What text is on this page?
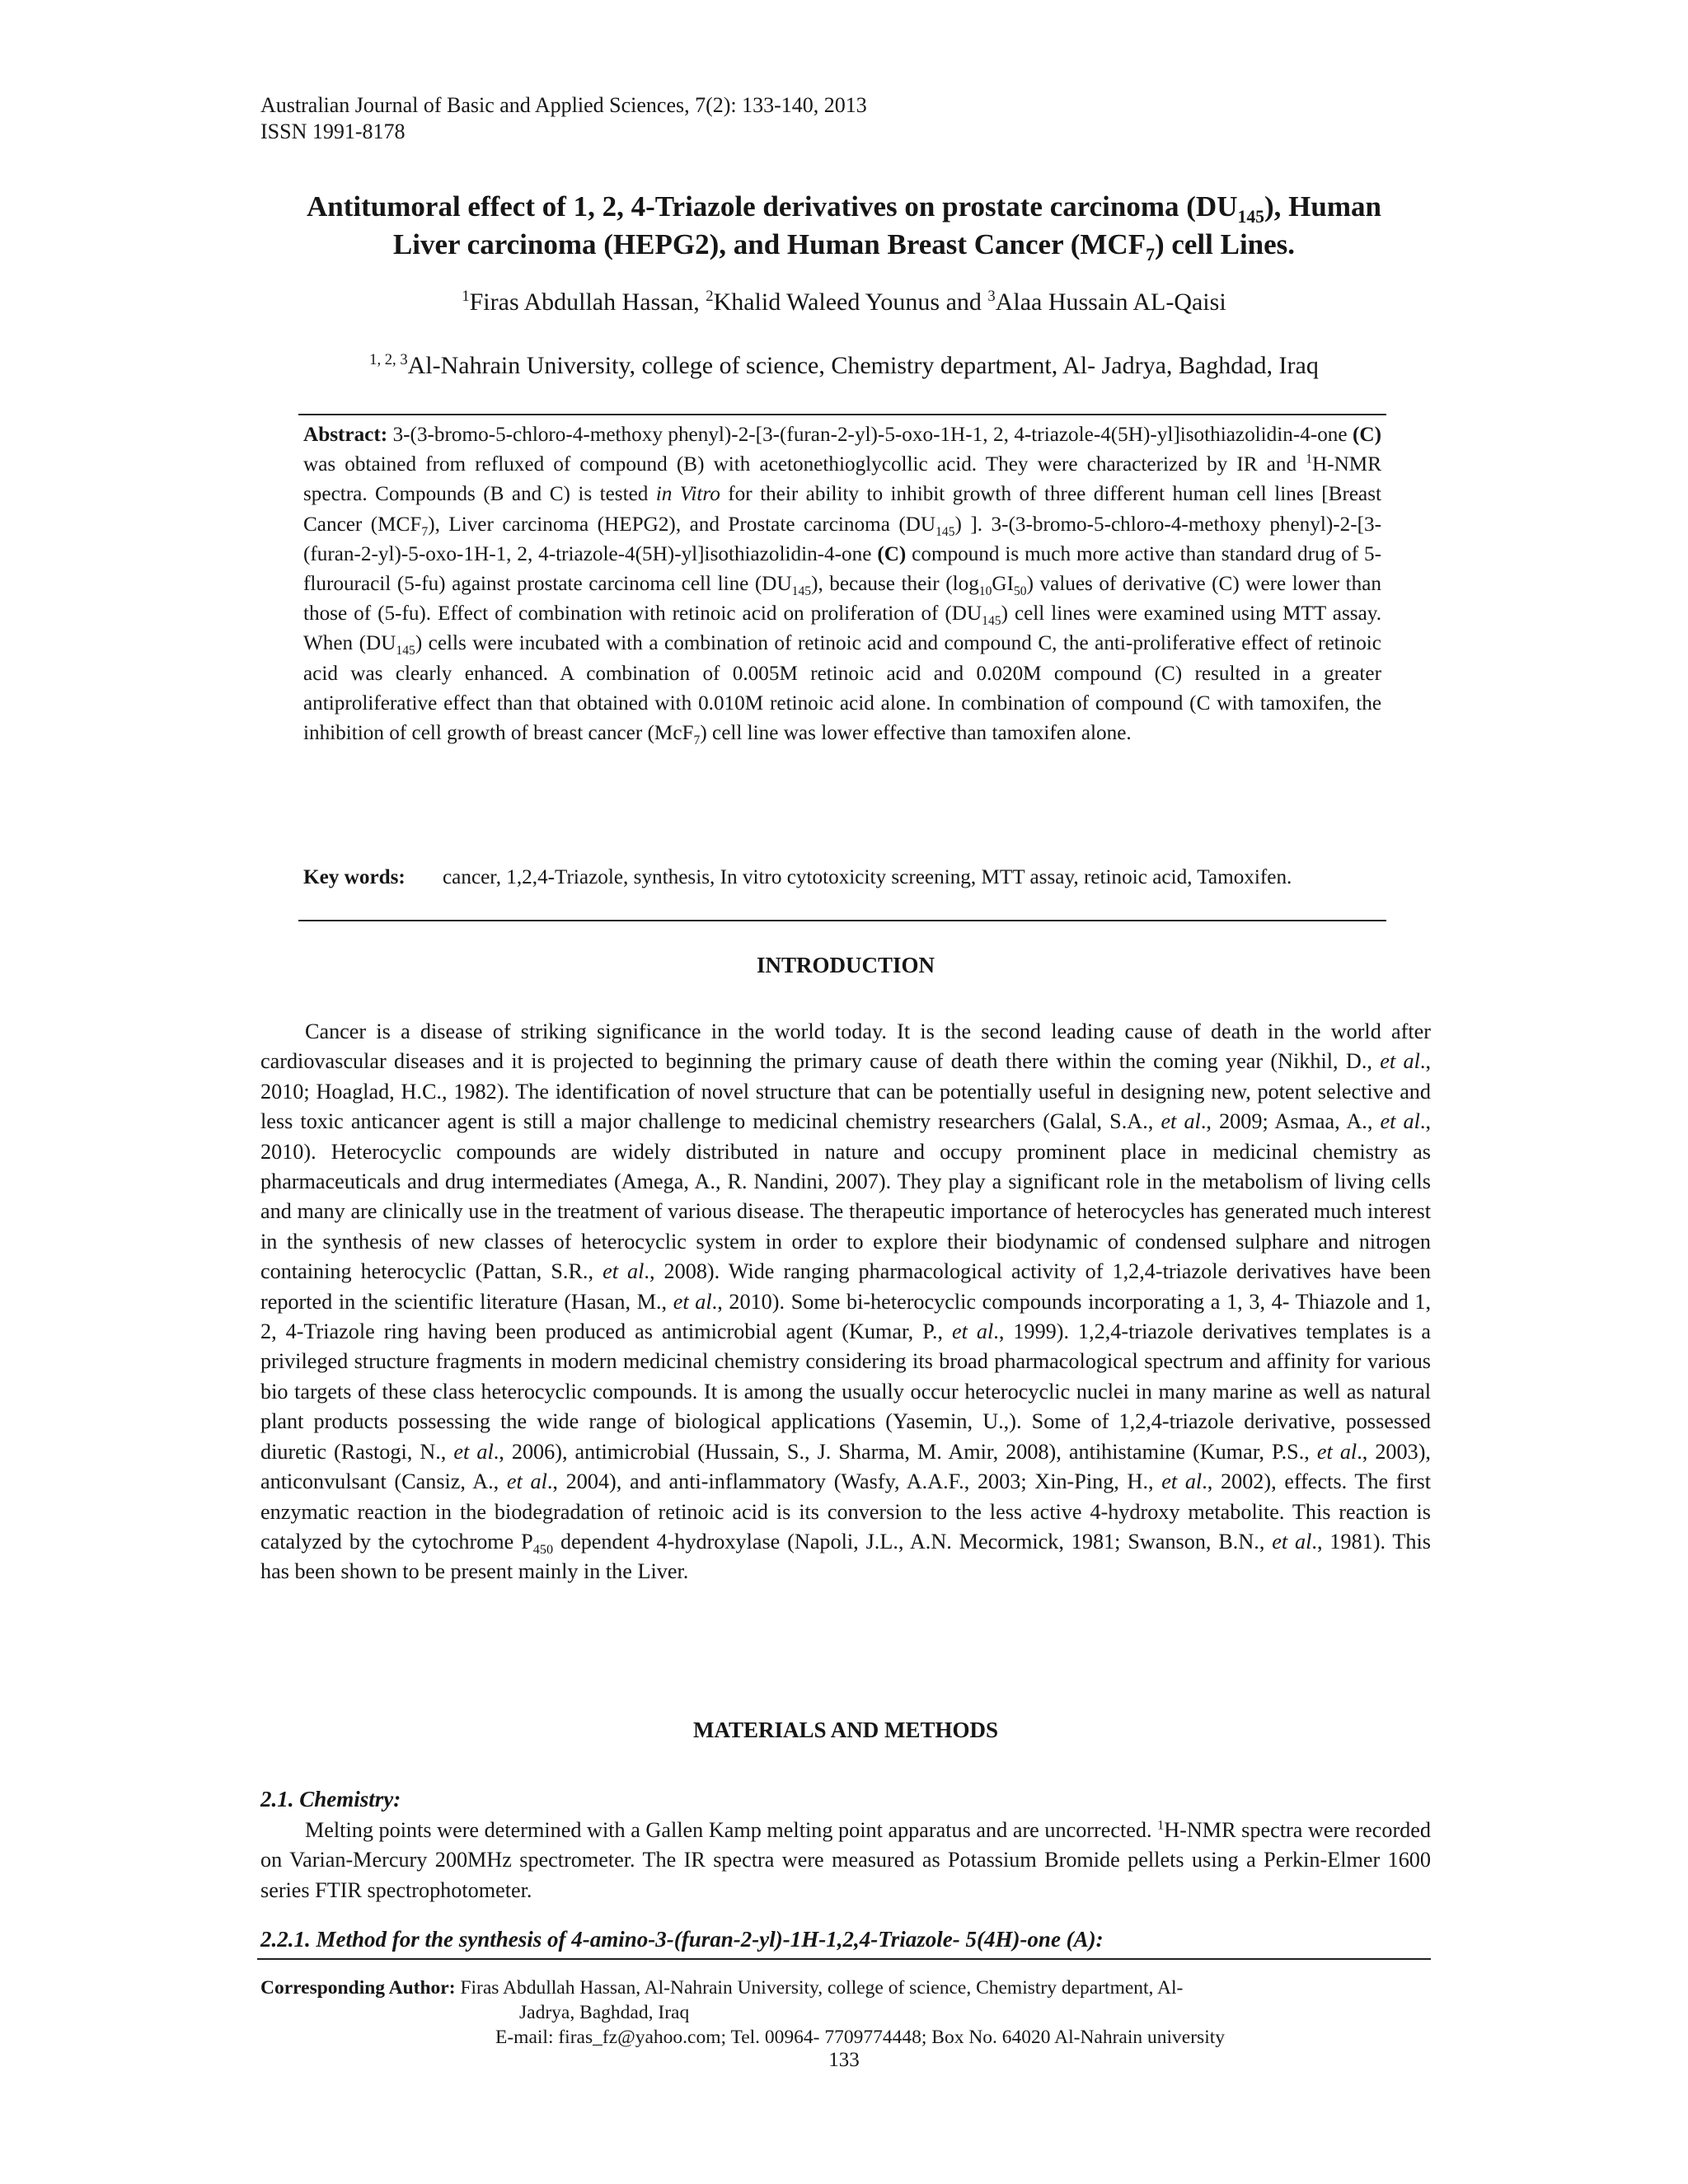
Australian Journal of Basic and Applied Sciences, 7(2): 133-140, 2013
ISSN 1991-8178
Antitumoral effect of 1, 2, 4-Triazole derivatives on prostate carcinoma $(DU_{145})$, Human
Liver carcinoma (HEPG2), and Human Breast Cancer $(MCF_7)$ cell Lines.
$^1$Firas Abdullah Hassan, $^2$Khalid Waleed Younus and $^3$Alaa Hussain AL-Qaisi
$^{1, 2, 3}$Al-Nahrain University, college of science, Chemistry department, Al- Jadrya, Baghdad, Iraq
Abstract: 3-(3-bromo-5-chloro-4-methoxy phenyl)-2-[3-(furan-2-yl)-5-oxo-1H-1, 2, 4-triazole-4(5H)-yl]isothiazolidin-4-one (C) was obtained from refluxed of compound (B) with acetonethioglycollic acid. They were characterized by IR and $^1$H-NMR spectra. Compounds (B and C) is tested in Vitro for their ability to inhibit growth of three different human cell lines [Breast Cancer $(MCF_7)$, Liver carcinoma (HEPG2), and Prostate carcinoma $(DU_{145})$ ]. 3-(3-bromo-5-chloro-4-methoxy phenyl)-2-[3-(furan-2-yl)-5-oxo-1H-1, 2, 4-triazole-4(5H)-yl]isothiazolidin-4-one (C) compound is much more active than standard drug of 5-flurouracil (5-fu) against prostate carcinoma cell line $(DU_{145})$, because their $(\log_{10}GI_{50})$ values of derivative (C) were lower than those of (5-fu). Effect of combination with retinoic acid on proliferation of $(DU_{145})$ cell lines were examined using MTT assay. When $(DU_{145})$ cells were incubated with a combination of retinoic acid and compound C, the anti-proliferative effect of retinoic acid was clearly enhanced. A combination of 0.005M retinoic acid and 0.020M compound (C) resulted in a greater antiproliferative effect than that obtained with 0.010M retinoic acid alone. In combination of compound (C with tamoxifen, the inhibition of cell growth of breast cancer (McF$_7$) cell line was lower effective than tamoxifen alone.
Key words:	cancer, 1,2,4-Triazole, synthesis, In vitro cytotoxicity screening, MTT assay, retinoic acid, Tamoxifen.
INTRODUCTION
Cancer is a disease of striking significance in the world today. It is the second leading cause of death in the world after cardiovascular diseases and it is projected to beginning the primary cause of death there within the coming year (Nikhil, D., et al., 2010; Hoaglad, H.C., 1982). The identification of novel structure that can be potentially useful in designing new, potent selective and less toxic anticancer agent is still a major challenge to medicinal chemistry researchers (Galal, S.A., et al., 2009; Asmaa, A., et al., 2010). Heterocyclic compounds are widely distributed in nature and occupy prominent place in medicinal chemistry as pharmaceuticals and drug intermediates (Amega, A., R. Nandini, 2007). They play a significant role in the metabolism of living cells and many are clinically use in the treatment of various disease. The therapeutic importance of heterocycles has generated much interest in the synthesis of new classes of heterocyclic system in order to explore their biodynamic of condensed sulphare and nitrogen containing heterocyclic (Pattan, S.R., et al., 2008). Wide ranging pharmacological activity of 1,2,4-triazole derivatives have been reported in the scientific literature (Hasan, M., et al., 2010). Some bi-heterocyclic compounds incorporating a 1, 3, 4- Thiazole and 1, 2, 4-Triazole ring having been produced as antimicrobial agent (Kumar, P., et al., 1999). 1,2,4-triazole derivatives templates is a privileged structure fragments in modern medicinal chemistry considering its broad pharmacological spectrum and affinity for various bio targets of these class heterocyclic compounds. It is among the usually occur heterocyclic nuclei in many marine as well as natural plant products possessing the wide range of biological applications (Yasemin, U.,). Some of 1,2,4-triazole derivative, possessed diuretic (Rastogi, N., et al., 2006), antimicrobial (Hussain, S., J. Sharma, M. Amir, 2008), antihistamine (Kumar, P.S., et al., 2003), anticonvulsant (Cansiz, A., et al., 2004), and anti-inflammatory (Wasfy, A.A.F., 2003; Xin-Ping, H., et al., 2002), effects. The first enzymatic reaction in the biodegradation of retinoic acid is its conversion to the less active 4-hydroxy metabolite. This reaction is catalyzed by the cytochrome $P_{450}$ dependent 4-hydroxylase (Napoli, J.L., A.N. Mecormick, 1981; Swanson, B.N., et al., 1981). This has been shown to be present mainly in the Liver.
MATERIALS AND METHODS
2.1. Chemistry:
Melting points were determined with a Gallen Kamp melting point apparatus and are uncorrected. $^1$H-NMR spectra were recorded on Varian-Mercury 200MHz spectrometer. The IR spectra were measured as Potassium Bromide pellets using a Perkin-Elmer 1600 series FTIR spectrophotometer.
2.2.1. Method for the synthesis of 4-amino-3-(furan-2-yl)-1H-1,2,4-Triazole- 5(4H)-one (A):
Corresponding Author: Firas Abdullah Hassan, Al-Nahrain University, college of science, Chemistry department, Al-
Jadrya, Baghdad, Iraq
E-mail: firas_fz@yahoo.com; Tel. 00964- 7709774448; Box No. 64020 Al-Nahrain university
133
